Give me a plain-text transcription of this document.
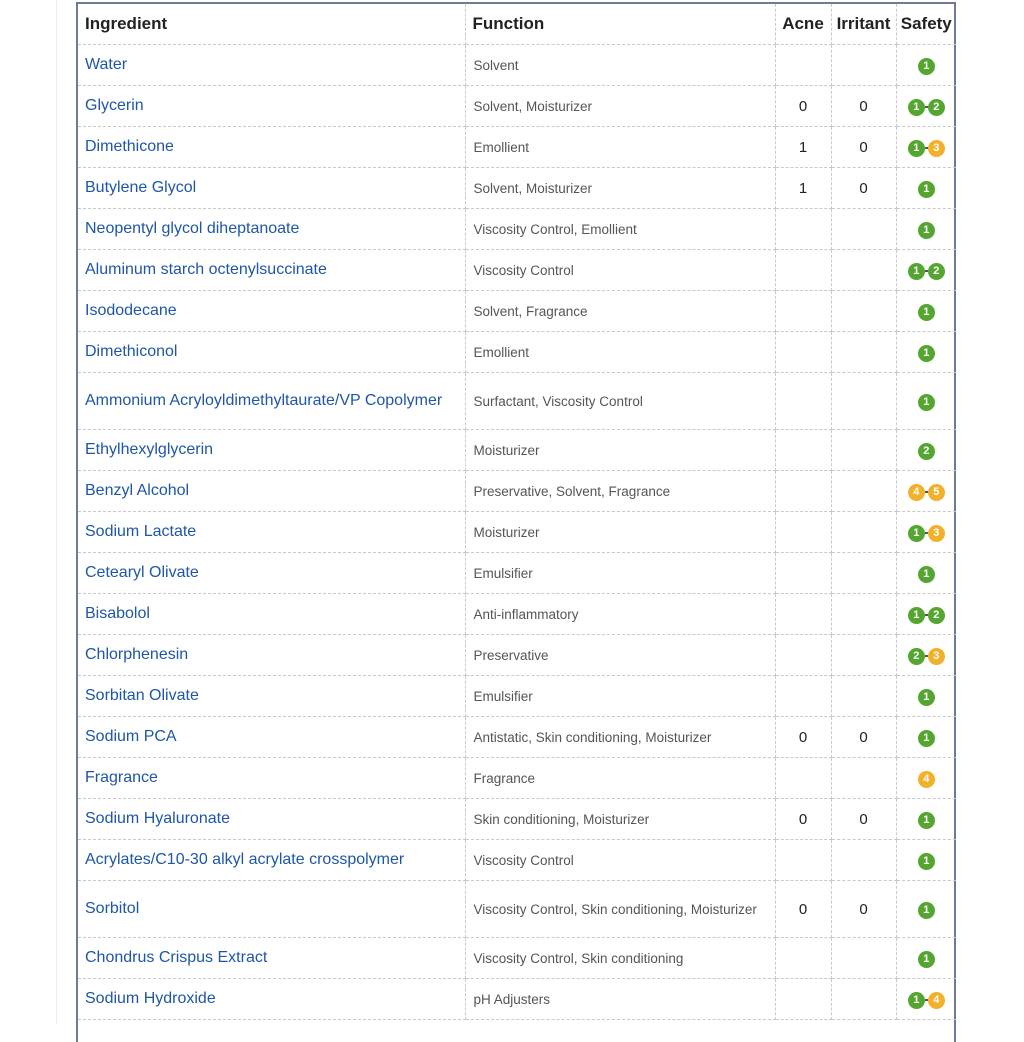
Ingredient	Function	Acne	Irritant	Safety
Water	Solvent			1

Glycerin	Solvent, Moisturizer	0	0	1 2

Dimethicone	Emollient	1	0	1 3

Butylene Glycol	Solvent, Moisturizer	1	0	1

Neopentyl glycol diheptanoate	Viscosity Control, Emollient			1

Aluminum starch octenylsuccinate	Viscosity Control			1 2

Isododecane	Solvent, Fragrance			1

Dimethiconol	Emollient			1

Ammonium Acryloyldimethyltaurate/VP Copolymer	Surfactant, Viscosity Control			1

Ethylhexylglycerin	Moisturizer			2

Benzyl Alcohol	Preservative, Solvent, Fragrance			4 5

Sodium Lactate	Moisturizer			1 3

Cetearyl Olivate	Emulsifier			1

Bisabolol	Anti-inflammatory			1 2

Chlorphenesin	Preservative			2 3

Sorbitan Olivate	Emulsifier			1

Sodium PCA	Antistatic, Skin conditioning, Moisturizer	0	0	1

Fragrance	Fragrance			4

Sodium Hyaluronate	Skin conditioning, Moisturizer	0	0	1

Acrylates/C10-30 alkyl acrylate crosspolymer	Viscosity Control			1

Sorbitol	Viscosity Control, Skin conditioning, Moisturizer	0	0	1

Chondrus Crispus Extract	Viscosity Control, Skin conditioning			1

Sodium Hydroxide	pH Adjusters			1 4
